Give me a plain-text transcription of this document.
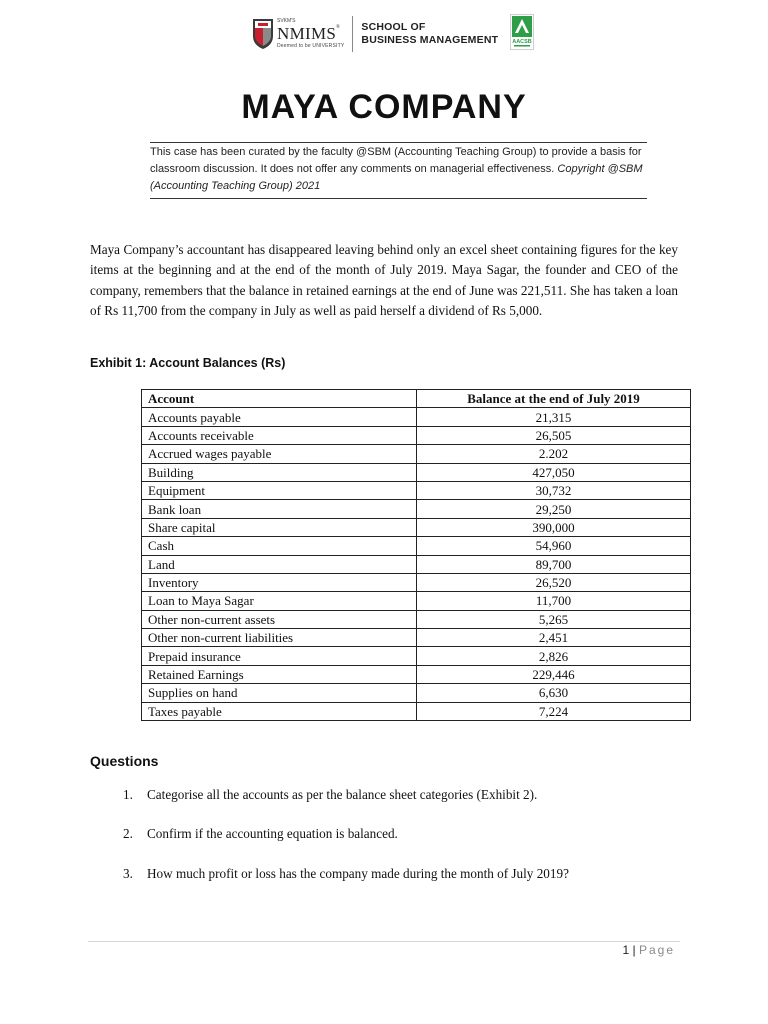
SVKM'S
NMIMS®
Deemed to be UNIVERSITY
SCHOOL OF
BUSINESS MANAGEMENT	AACSB
MAYA COMPANY
This case has been curated by the faculty @SBM (Accounting Teaching Group) to provide a basis for classroom discussion. It does not offer any comments on managerial effectiveness. Copyright @SBM (Accounting Teaching Group) 2021
Maya Company’s accountant has disappeared leaving behind only an excel sheet containing figures for the key items at the beginning and at the end of the month of July 2019. Maya Sagar, the founder and CEO of the company, remembers that the balance in retained earnings at the end of June was 221,511. She has taken a loan of Rs 11,700 from the company in July as well as paid herself a dividend of Rs 5,000.
Exhibit 1: Account Balances (Rs)
Account	Balance at the end of July 2019
Accounts payable	21,315
Accounts receivable	26,505
Accrued wages payable	2.202
Building	427,050
Equipment	30,732
Bank loan	29,250
Share capital	390,000
Cash	54,960
Land	89,700
Inventory	26,520
Loan to Maya Sagar	11,700
Other non-current assets	5,265
Other non-current liabilities	2,451
Prepaid insurance	2,826
Retained Earnings	229,446
Supplies on hand	6,630
Taxes payable	7,224
Questions
1.	Categorise all the accounts as per the balance sheet categories (Exhibit 2).
2.	Confirm if the accounting equation is balanced.
3.	How much profit or loss has the company made during the month of July 2019?
1 | Page
